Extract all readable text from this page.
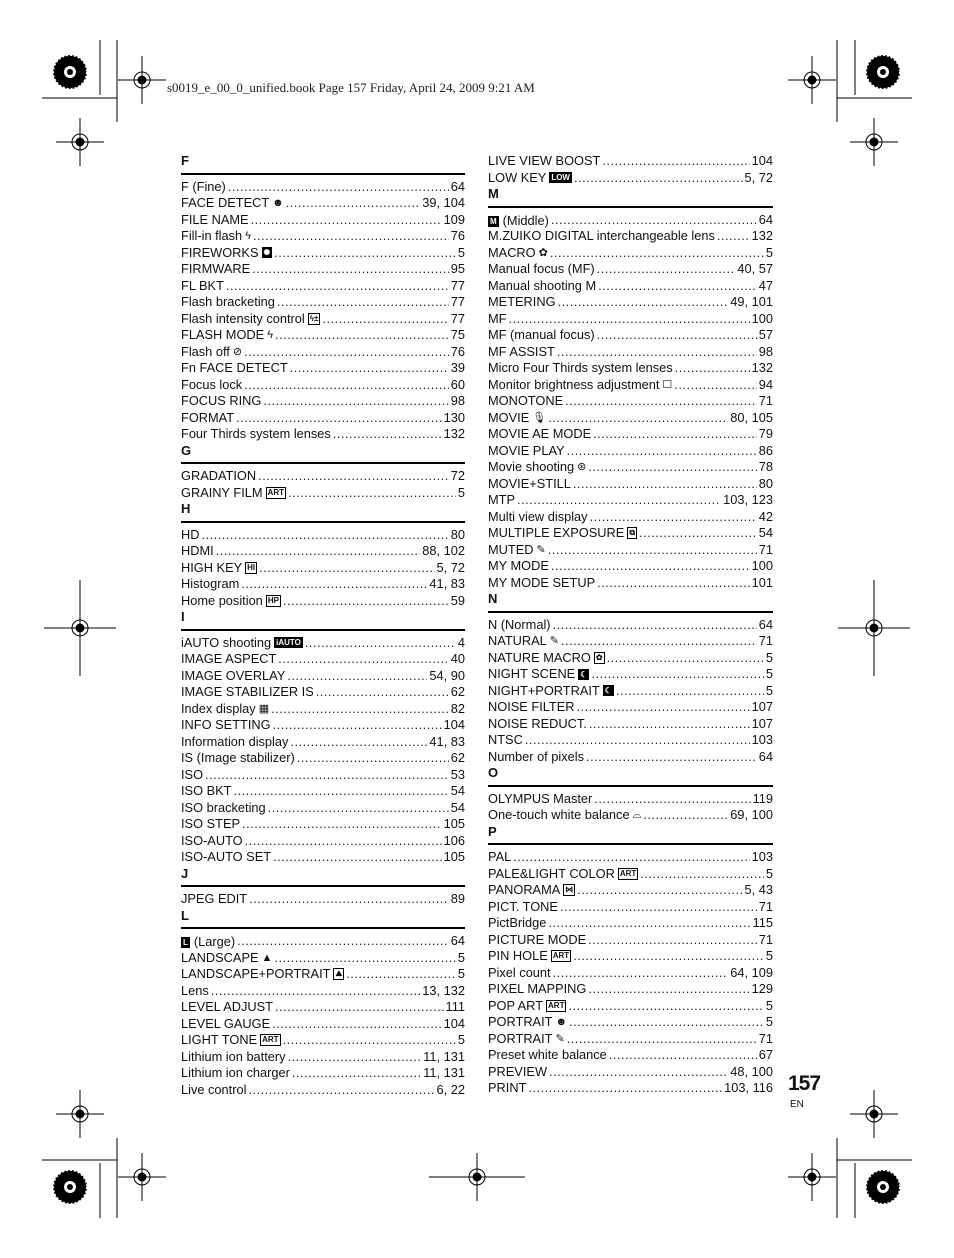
s0019_e_00_0_unified.book Page 157 Friday, April 24, 2009 9:21 AM
F
F (Fine) .....	64
FACE DETECT ☻ .....	39, 104
FILE NAME .....	109
Fill-in flash ϟ .....	76
FIREWORKS ✺ .....	5
FIRMWARE .....	95
FL BKT .....	77
Flash bracketing .....	77
Flash intensity control ϟ± .....	77
FLASH MODE ϟ .....	75
Flash off ⊘ .....	76
Fn FACE DETECT .....	39
Focus lock .....	60
FOCUS RING .....	98
FORMAT .....	130
Four Thirds system lenses .....	132
G
GRADATION .....	72
GRAINY FILM ART .....	5
H
HD .....	80
HDMI .....	88, 102
HIGH KEY HI .....	5, 72
Histogram .....	41, 83
Home position HP .....	59
I
iAUTO shooting iAUTO .....	4
IMAGE ASPECT .....	40
IMAGE OVERLAY .....	54, 90
IMAGE STABILIZER IS .....	62
Index display ▦ .....	82
INFO SETTING .....	104
Information display .....	41, 83
IS (Image stabilizer) .....	62
ISO .....	53
ISO BKT .....	54
ISO bracketing .....	54
ISO STEP .....	105
ISO-AUTO .....	106
ISO-AUTO SET .....	105
J
JPEG EDIT .....	89
L
L (Large) .....	64
LANDSCAPE ▲ .....	5
LANDSCAPE+PORTRAIT ⛰ .....	5
Lens .....	13, 132
LEVEL ADJUST .....	111
LEVEL GAUGE .....	104
LIGHT TONE ART .....	5
Lithium ion battery .....	11, 131
Lithium ion charger .....	11, 131
Live control .....	6, 22
LIVE VIEW BOOST .....	104
LOW KEY LOW .....	5, 72
M
M (Middle) .....	64
M.ZUIKO DIGITAL interchangeable lens .....	132
MACRO ✿ .....	5
Manual focus (MF) .....	40, 57
Manual shooting M .....	47
METERING .....	49, 101
MF .....	100
MF (manual focus) .....	57
MF ASSIST .....	98
Micro Four Thirds system lenses .....	132
Monitor brightness adjustment ☐ .....	94
MONOTONE .....	71
MOVIE 🎙 .....	80, 105
MOVIE AE MODE .....	79
MOVIE PLAY .....	86
Movie shooting ⊛ .....	78
MOVIE+STILL .....	80
MTP .....	103, 123
Multi view display .....	42
MULTIPLE EXPOSURE ⧉ .....	54
MUTED ✎ .....	71
MY MODE .....	100
MY MODE SETUP .....	101
N
N (Normal) .....	64
NATURAL ✎ .....	71
NATURE MACRO ✿ .....	5
NIGHT SCENE ☾ .....	5
NIGHT+PORTRAIT ☾ .....	5
NOISE FILTER .....	107
NOISE REDUCT. .....	107
NTSC .....	103
Number of pixels .....	64
O
OLYMPUS Master .....	119
One-touch white balance ⌓ .....	69, 100
P
PAL .....	103
PALE&LIGHT COLOR ART .....	5
PANORAMA ⋈ .....	5, 43
PICT. TONE .....	71
PictBridge .....	115
PICTURE MODE .....	71
PIN HOLE ART .....	5
Pixel count .....	64, 109
PIXEL MAPPING .....	129
POP ART ART .....	5
PORTRAIT ☻ .....	5
PORTRAIT ✎ .....	71
Preset white balance .....	67
PREVIEW .....	48, 100
PRINT .....	103, 116 157
EN
